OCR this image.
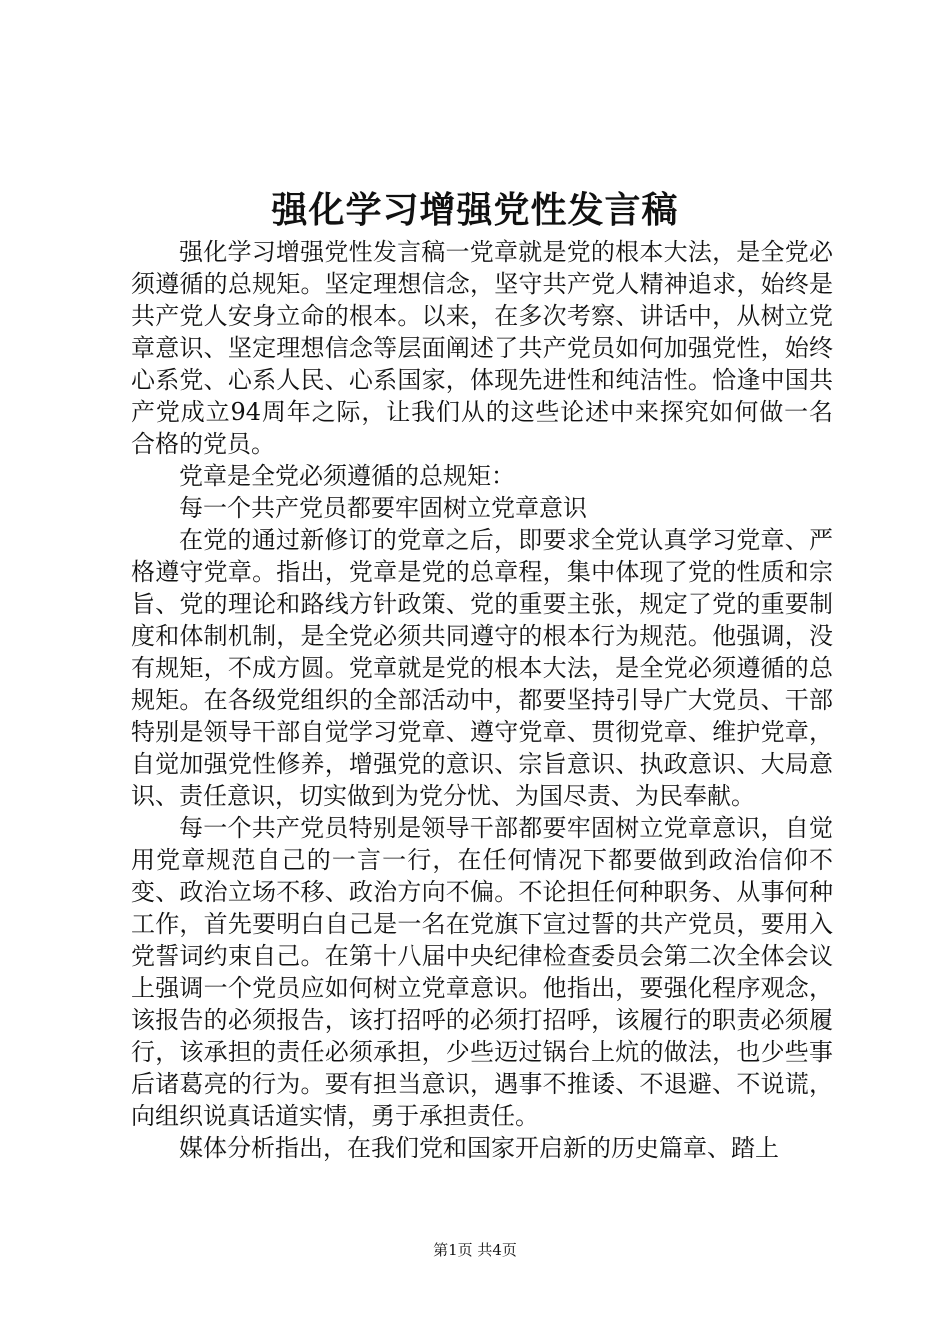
强化学习增强党性发言稿

强化学习增强党性发言稿一党章就是党的根本大法，是全党必须遵循的总规矩。坚定理想信念，坚守共产党人精神追求，始终是共产党人安身立命的根本。以来，在多次考察、讲话中，从树立党章意识、坚定理想信念等层面阐述了共产党员如何加强党性，始终心系党、心系人民、心系国家，体现先进性和纯洁性。恰逢中国共产党成立94周年之际，让我们从的这些论述中来探究如何做一名合格的党员。

党章是全党必须遵循的总规矩：

每一个共产党员都要牢固树立党章意识

在党的通过新修订的党章之后，即要求全党认真学习党章、严格遵守党章。指出，党章是党的总章程，集中体现了党的性质和宗旨、党的理论和路线方针政策、党的重要主张，规定了党的重要制度和体制机制，是全党必须共同遵守的根本行为规范。他强调，没有规矩，不成方圆。党章就是党的根本大法，是全党必须遵循的总规矩。在各级党组织的全部活动中，都要坚持引导广大党员、干部特别是领导干部自觉学习党章、遵守党章、贯彻党章、维护党章，自觉加强党性修养，增强党的意识、宗旨意识、执政意识、大局意识、责任意识，切实做到为党分忧、为国尽责、为民奉献。

每一个共产党员特别是领导干部都要牢固树立党章意识，自觉用党章规范自己的一言一行，在任何情况下都要做到政治信仰不变、政治立场不移、政治方向不偏。不论担任何种职务、从事何种工作，首先要明白自己是一名在党旗下宣过誓的共产党员，要用入党誓词约束自己。在第十八届中央纪律检查委员会第二次全体会议上强调一个党员应如何树立党章意识。他指出，要强化程序观念，该报告的必须报告，该打招呼的必须打招呼，该履行的职责必须履行，该承担的责任必须承担，少些迈过锅台上炕的做法，也少些事后诸葛亮的行为。要有担当意识，遇事不推诿、不退避、不说谎，向组织说真话道实情，勇于承担责任。

媒体分析指出，在我们党和国家开启新的历史篇章、踏上

第1页 共4页
